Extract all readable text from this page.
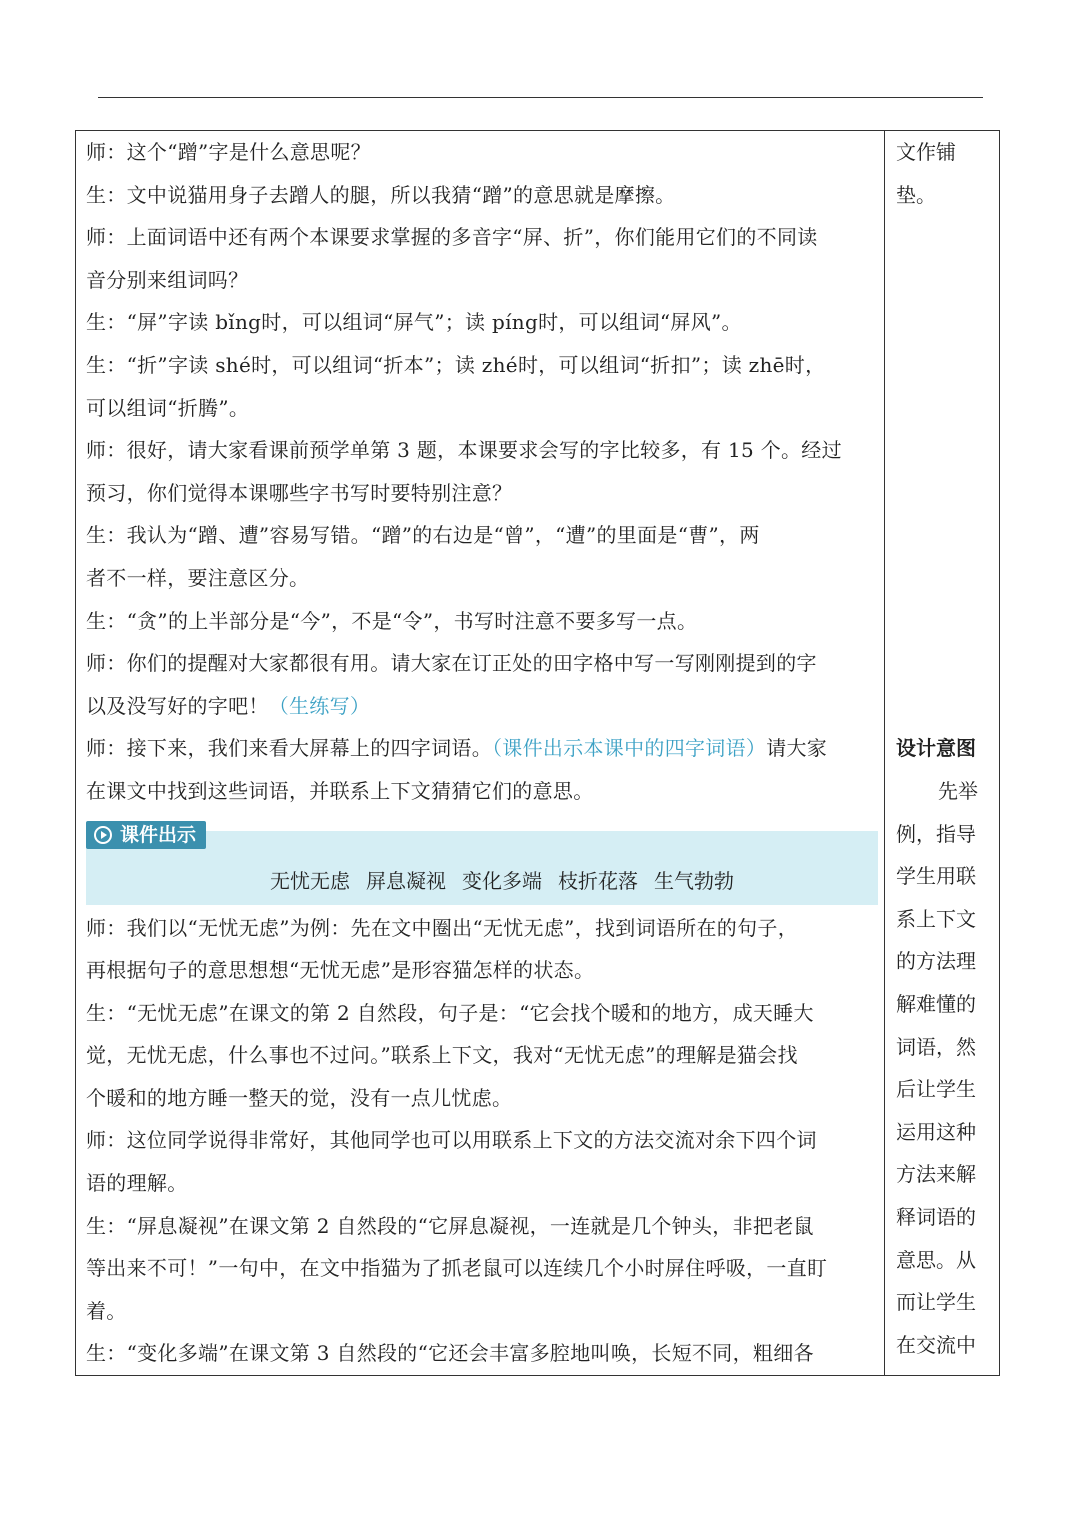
师：这个“蹭”字是什么意思呢？
生：文中说猫用身子去蹭人的腿，所以我猜“蹭”的意思就是摩擦。
师：上面词语中还有两个本课要求掌握的多音字“屏、折”，你们能用它们的不同读
音分别来组词吗？
生：“屏”字读 bǐng时，可以组词“屏气”；读 píng时，可以组词“屏风”。
生：“折”字读 shé时，可以组词“折本”；读 zhé时，可以组词“折扣”；读 zhē时，
可以组词“折腾”。
师：很好，请大家看课前预学单第 3 题，本课要求会写的字比较多，有 15 个。经过
预习，你们觉得本课哪些字书写时要特别注意？
生：我认为“蹭、遭”容易写错。“蹭”的右边是“曾”，“遭”的里面是“曹”，两
者不一样，要注意区分。
生：“贪”的上半部分是“今”，不是“令”，书写时注意不要多写一点。
师：你们的提醒对大家都很有用。请大家在订正处的田字格中写一写刚刚提到的字
以及没写好的字吧！（生练写）
师：接下来，我们来看大屏幕上的四字词语。（课件出示本课中的四字词语）请大家
在课文中找到这些词语，并联系上下文猜猜它们的意思。
课件出示
无忧无虑 屏息凝视 变化多端 枝折花落 生气勃勃
师：我们以“无忧无虑”为例：先在文中圈出“无忧无虑”，找到词语所在的句子，
再根据句子的意思想想“无忧无虑”是形容猫怎样的状态。
生：“无忧无虑”在课文的第 2 自然段，句子是：“它会找个暖和的地方，成天睡大
觉，无忧无虑，什么事也不过问。”联系上下文，我对“无忧无虑”的理解是猫会找
个暖和的地方睡一整天的觉，没有一点儿忧虑。
师：这位同学说得非常好，其他同学也可以用联系上下文的方法交流对余下四个词
语的理解。
生：“屏息凝视”在课文第 2 自然段的“它屏息凝视，一连就是几个钟头，非把老鼠
等出来不可！”一句中，在文中指猫为了抓老鼠可以连续几个小时屏住呼吸，一直盯
着。
生：“变化多端”在课文第 3 自然段的“它还会丰富多腔地叫唤，长短不同，粗细各
文作铺
垫。
设计意图
先举
例，指导
学生用联
系上下文
的方法理
解难懂的
词语，然
后让学生
运用这种
方法来解
释词语的
意思。从
而让学生
在交流中
